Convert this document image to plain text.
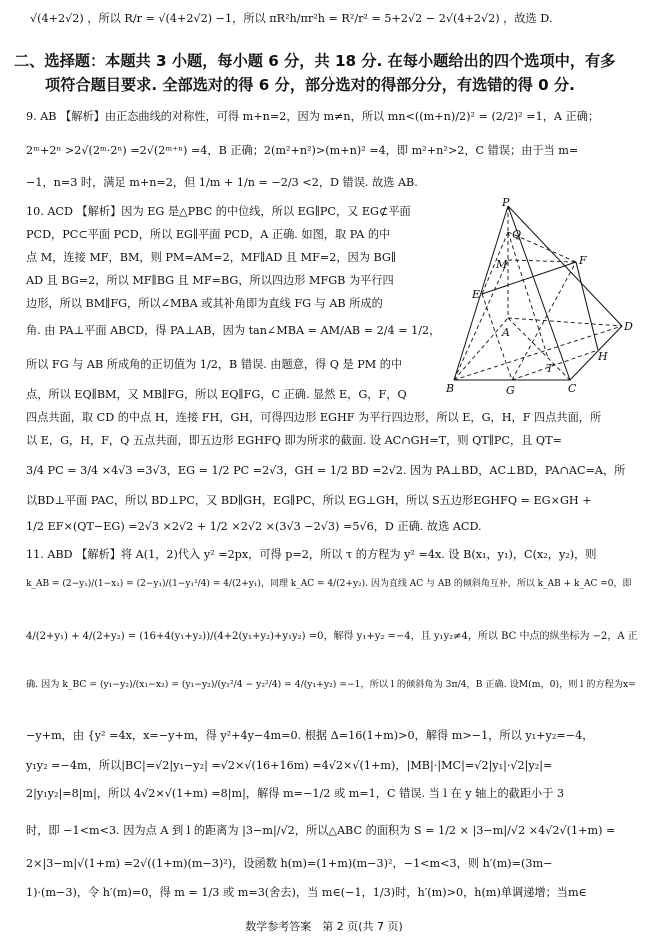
√(4+2√2) ，所以 R/r = √(4+2√2) −1，所以 πR²h/πr²h = R²/r² = 5+2√2 − 2√(4+2√2) ，故选 D.
二、选择题：本题共 3 小题，每小题 6 分，共 18 分. 在每小题给出的四个选项中，有多
项符合题目要求. 全部选对的得 6 分，部分选对的得部分分，有选错的得 0 分.
9. AB 【解析】由正态曲线的对称性，可得 m+n=2，因为 m≠n，所以 mn<((m+n)/2)² = (2/2)² =1，A 正确；
2ᵐ+2ⁿ >2√(2ᵐ·2ⁿ) =2√(2ᵐ⁺ⁿ) =4，B 正确；2(m²+n²)>(m+n)² =4，即 m²+n²>2，C 错误；由于当 m=
−1，n=3 时，满足 m+n=2，但 1/m + 1/n = −2/3 <2，D 错误. 故选 AB.
10. ACD 【解析】因为 EG 是△PBC 的中位线，所以 EG∥PC，又 EG⊄平面
PCD，PC⊂平面 PCD，所以 EG∥平面 PCD，A 正确. 如图，取 PA 的中
点 M，连接 MF，BM，则 PM=AM=2，MF∥AD 且 MF=2，因为 BG∥
AD 且 BG=2，所以 MF∥BG 且 MF=BG，所以四边形 MFGB 为平行四
边形，所以 BM∥FG，所以∠MBA 或其补角即为直线 FG 与 AB 所成的
角. 由 PA⊥平面 ABCD，得 PA⊥AB，因为 tan∠MBA = AM/AB = 2/4 = 1/2，
所以 FG 与 AB 所成角的正切值为 1/2，B 错误. 由题意，得 Q 是 PM 的中
点，所以 EQ∥BM，又 MB∥FG，所以 EQ∥FG，C 正确. 显然 E，G，F，Q
四点共面，取 CD 的中点 H，连接 FH，GH，可得四边形 EGHF 为平行四边形，所以 E，G，H，F 四点共面，所
以 E，G，H，F，Q 五点共面，即五边形 EGHFQ 即为所求的截面. 设 AC∩GH=T，则 QT∥PC，且 QT=
3/4 PC = 3/4 ×4√3 =3√3，EG = 1/2 PC =2√3，GH = 1/2 BD =2√2. 因为 PA⊥BD，AC⊥BD，PA∩AC=A，所
以BD⊥平面 PAC，所以 BD⊥PC，又 BD∥GH，EG∥PC，所以 EG⊥GH，所以 S五边形EGHFQ = EG×GH +
1/2 EF×(QT−EG) =2√3 ×2√2 + 1/2 ×2√2 ×(3√3 −2√3) =5√6，D 正确. 故选 ACD.
11. ABD 【解析】将 A(1，2)代入 y² =2px，可得 p=2，所以 τ 的方程为 y² =4x. 设 B(x₁，y₁)，C(x₂，y₂)，则
k_AB = (2−y₁)/(1−x₁) = (2−y₁)/(1−y₁²/4) = 4/(2+y₁)，同理 k_AC = 4/(2+y₂). 因为直线 AC 与 AB 的倾斜角互补，所以 k_AB + k_AC =0，即
4/(2+y₁) + 4/(2+y₂) = (16+4(y₁+y₂))/(4+2(y₁+y₂)+y₁y₂) =0，解得 y₁+y₂ =−4，且 y₁y₂≠4，所以 BC 中点的纵坐标为 −2，A 正
确. 因为 k_BC = (y₁−y₂)/(x₁−x₂) = (y₁−y₂)/(y₁²/4 − y₂²/4) = 4/(y₁+y₂) =−1，所以 l 的倾斜角为 3π/4，B 正确. 设M(m，0)，则 l 的方程为x=
−y+m，由 {y² =4x，x=−y+m，得 y²+4y−4m=0. 根据 Δ=16(1+m)>0，解得 m>−1，所以 y₁+y₂=−4，
y₁y₂ =−4m，所以|BC|=√2|y₁−y₂| =√2×√(16+16m) =4√2×√(1+m)，|MB|·|MC|=√2|y₁|·√2|y₂|=
2|y₁y₂|=8|m|，所以 4√2×√(1+m) =8|m|，解得 m=−1/2 或 m=1，C 错误. 当 l 在 y 轴上的截距小于 3
时，即 −1<m<3. 因为点 A 到 l 的距离为 |3−m|/√2，所以△ABC 的面积为 S = 1/2 × |3−m|/√2 ×4√2√(1+m) =
2×|3−m|√(1+m) =2√((1+m)(m−3)²)，设函数 h(m)=(1+m)(m−3)²，−1<m<3，则 h′(m)=(3m−
1)·(m−3)，令 h′(m)=0，得 m = 1/3 或 m=3(舍去)，当 m∈(−1，1/3)时，h′(m)>0，h(m)单调递增；当m∈
P
Q
M	F
E
A	D
T
H
B	G	C
数学参考答案　第 2 页(共 7 页)
